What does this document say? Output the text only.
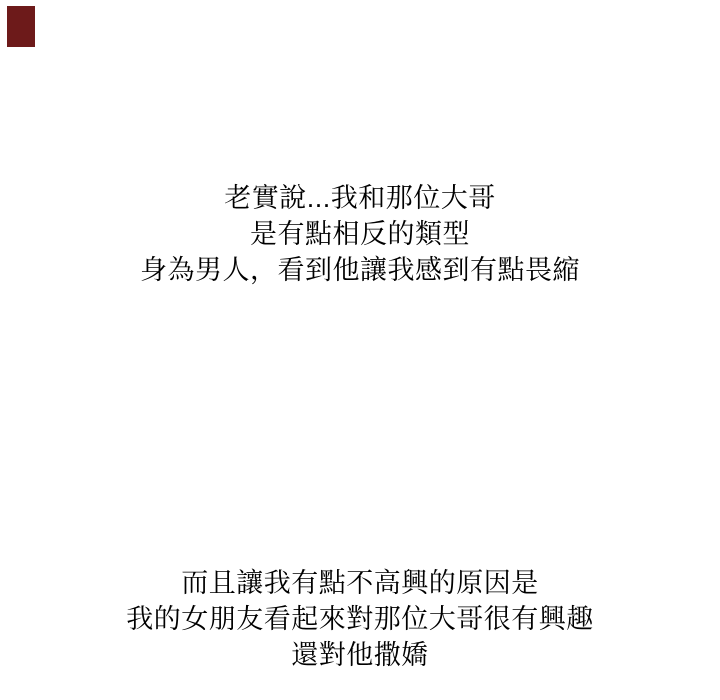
老實說...我和那位大哥
是有點相反的類型
身為男人，看到他讓我感到有點畏縮
而且讓我有點不高興的原因是
我的女朋友看起來對那位大哥很有興趣
還對他撒嬌
